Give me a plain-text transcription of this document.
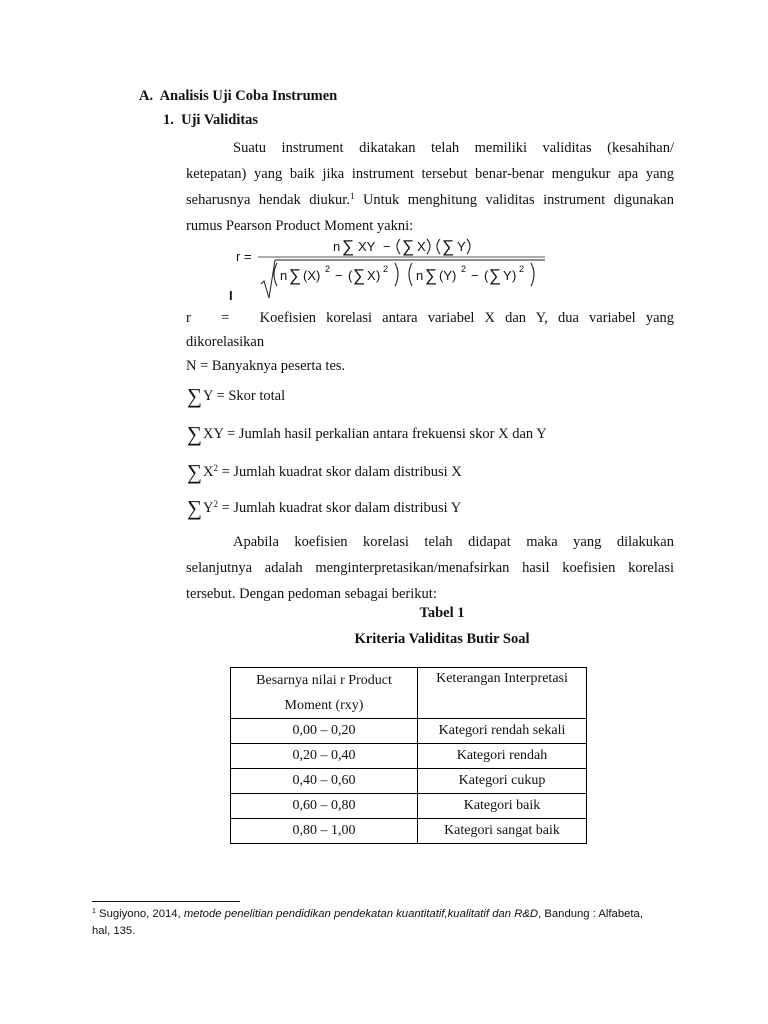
A. Analisis Uji Coba Instrumen
1. Uji Validitas
Suatu instrument dikatakan telah memiliki validitas (kesahihan/
ketepatan) yang baik jika instrument tersebut benar-benar mengukur apa yang
seharusnya hendak diukur.$^1$ Untuk menghitung validitas instrument digunakan
rumus Pearson Product Moment yakni:
r =
n ∑ XY − ∑ X ∑ Y
n ∑ (X) 2 − ( ∑ X ) 2 n ∑ (Y) 2 − ( ∑ Y ) 2
I
r   =   Koefisien korelasi antara variabel X dan Y, dua variabel yang
dikorelasikan
N = Banyaknya peserta tes.
∑Y = Skor total
∑XY = Jumlah hasil perkalian antara frekuensi skor X dan Y
$\sum X^2$ = Jumlah kuadrat skor dalam distribusi X
$\sum Y^2$ = Jumlah kuadrat skor dalam distribusi Y
Apabila koefisien korelasi telah didapat maka yang dilakukan
selanjutnya adalah menginterpretasikan/menafsirkan hasil koefisien korelasi
tersebut. Dengan pedoman sebagai berikut:
Tabel 1
Kriteria Validitas Butir Soal
Besarnya nilai r Product
Moment (rxy)	Keterangan Interpretasi
0,00 – 0,20	Kategori rendah sekali
0,20 – 0,40	Kategori rendah
0,40 – 0,60	Kategori cukup
0,60 – 0,80	Kategori baik
0,80 – 1,00	Kategori sangat baik
$^1$ Sugiyono, 2014, metode penelitian pendidikan pendekatan kuantitatif,kualitatif dan R&D, Bandung : Alfabeta,
hal, 135.
